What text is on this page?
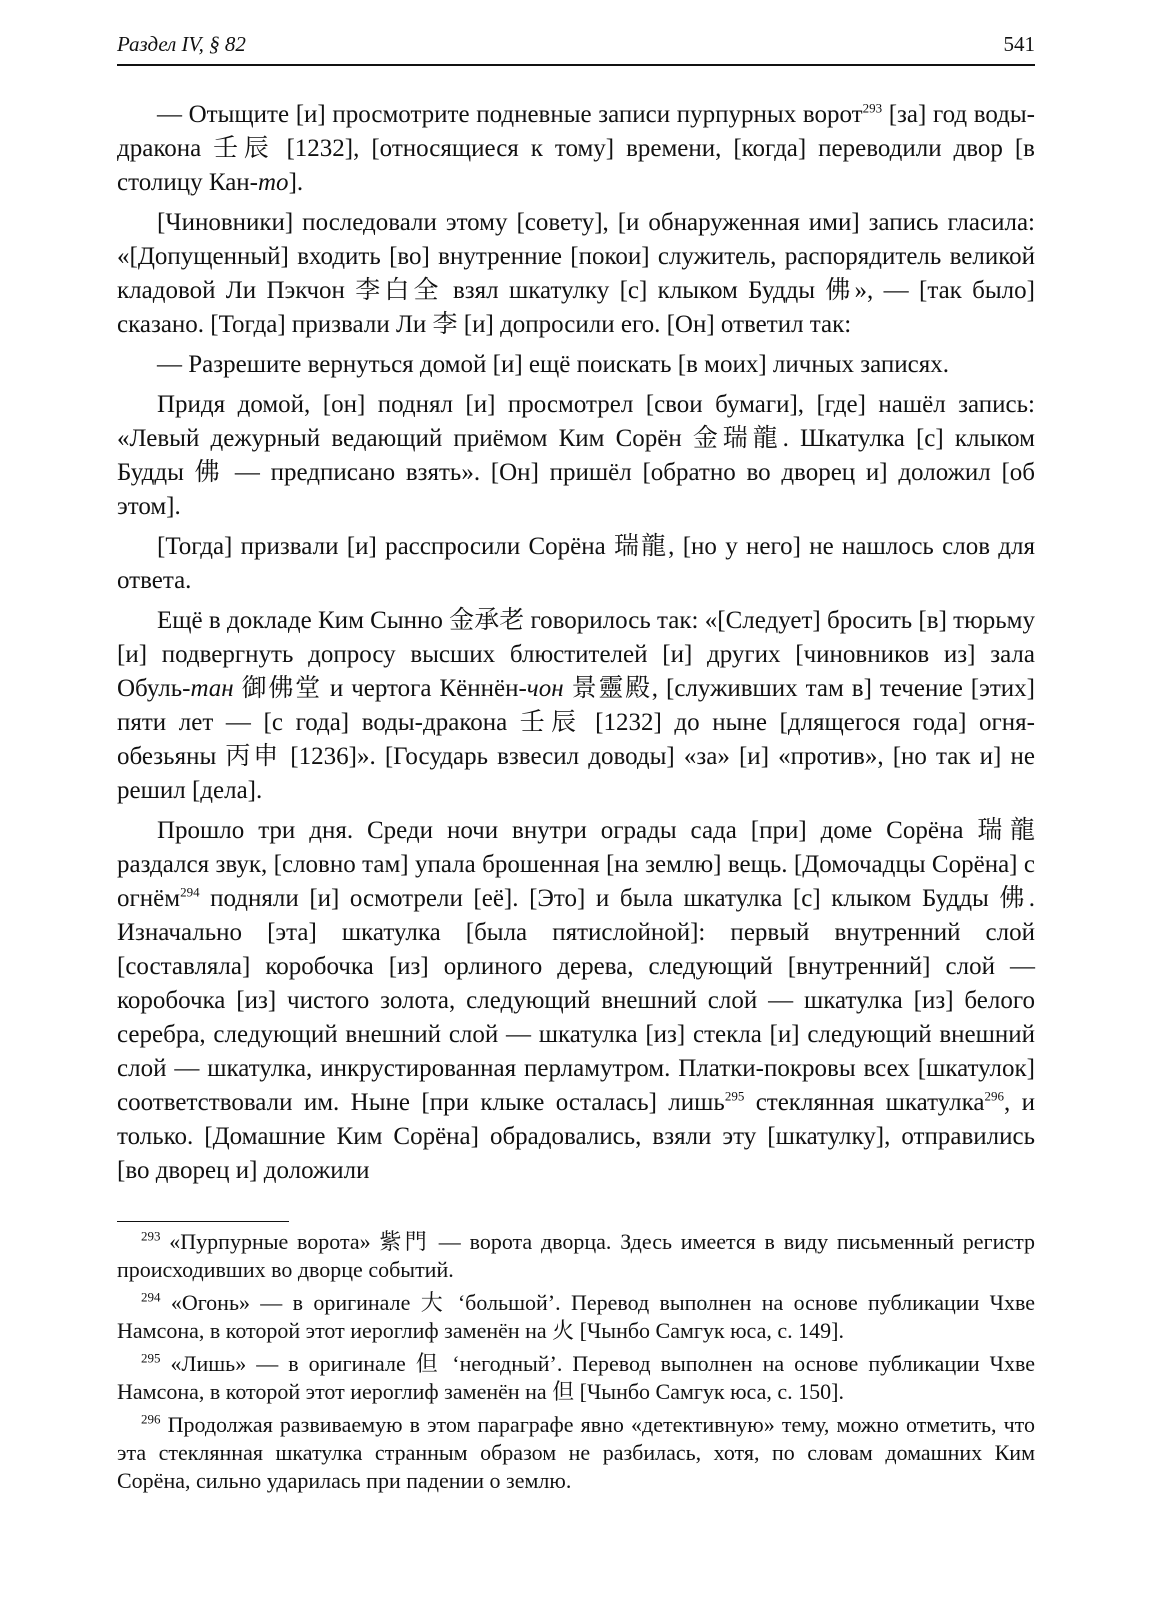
Раздел IV, § 82	541

— Отыщите [и] просмотрите подневные записи пурпурных ворот$^{293}$ [за] год воды-дракона 壬辰 [1232], [относящиеся к тому] времени, [когда] переводили двор [в столицу Кан-то].

[Чиновники] последовали этому [совету], [и обнаруженная ими] запись гласила: «[Допущенный] входить [во] внутренние [покои] служитель, распорядитель великой кладовой Ли Пэкчон 李白全 взял шкатулку [с] клыком Будды 佛», — [так было] сказано. [Тогда] призвали Ли 李 [и] допросили его. [Он] ответил так:

— Разрешите вернуться домой [и] ещё поискать [в моих] личных записях.

Придя домой, [он] поднял [и] просмотрел [свои бумаги], [где] нашёл запись: «Левый дежурный ведающий приёмом Ким Сорён 金瑞龍. Шкатулка [с] клыком Будды 佛 — предписано взять». [Он] пришёл [обратно во дворец и] доложил [об этом].

[Тогда] призвали [и] расспросили Сорёна 瑞龍, [но у него] не нашлось слов для ответа.

Ещё в докладе Ким Сынно 金承老 говорилось так: «[Следует] бросить [в] тюрьму [и] подвергнуть допросу высших блюстителей [и] других [чиновников из] зала Обуль-тан 御佛堂 и чертога Кённён-чон 景靈殿, [служивших там в] течение [этих] пяти лет — [с года] воды-дракона 壬辰 [1232] до ныне [длящегося года] огня-обезьяны 丙申 [1236]». [Государь взвесил доводы] «за» [и] «против», [но так и] не решил [дела].

Прошло три дня. Среди ночи внутри ограды сада [при] доме Сорёна 瑞龍 раздался звук, [словно там] упала брошенная [на землю] вещь. [Домочадцы Сорёна] с огнём$^{294}$ подняли [и] осмотрели [её]. [Это] и была шкатулка [с] клыком Будды 佛. Изначально [эта] шкатулка [была пятислойной]: первый внутренний слой [составляла] коробочка [из] орлиного дерева, следующий [внутренний] слой — коробочка [из] чистого золота, следующий внешний слой — шкатулка [из] белого серебра, следующий внешний слой — шкатулка [из] стекла [и] следующий внешний слой — шкатулка, инкрустированная перламутром. Платки-покровы всех [шкатулок] соответствовали им. Ныне [при клыке осталась] лишь$^{295}$ стеклянная шкатулка$^{296}$, и только. [Домашние Ким Сорёна] обрадовались, взяли эту [шкатулку], отправились [во дворец и] доложили

$^{293}$ «Пурпурные ворота» 紫門 — ворота дворца. Здесь имеется в виду письменный регистр происходивших во дворце событий.
$^{294}$ «Огонь» — в оригинале 大 ‘большой’. Перевод выполнен на основе публикации Чхве Намсона, в которой этот иероглиф заменён на 火 [Чынбо Самгук юса, с. 149].
$^{295}$ «Лишь» — в оригинале 但 ‘негодный’. Перевод выполнен на основе публикации Чхве Намсона, в которой этот иероглиф заменён на 但 [Чынбо Самгук юса, с. 150].
$^{296}$ Продолжая развиваемую в этом параграфе явно «детективную» тему, можно отметить, что эта стеклянная шкатулка странным образом не разбилась, хотя, по словам домашних Ким Сорёна, сильно ударилась при падении о землю.
